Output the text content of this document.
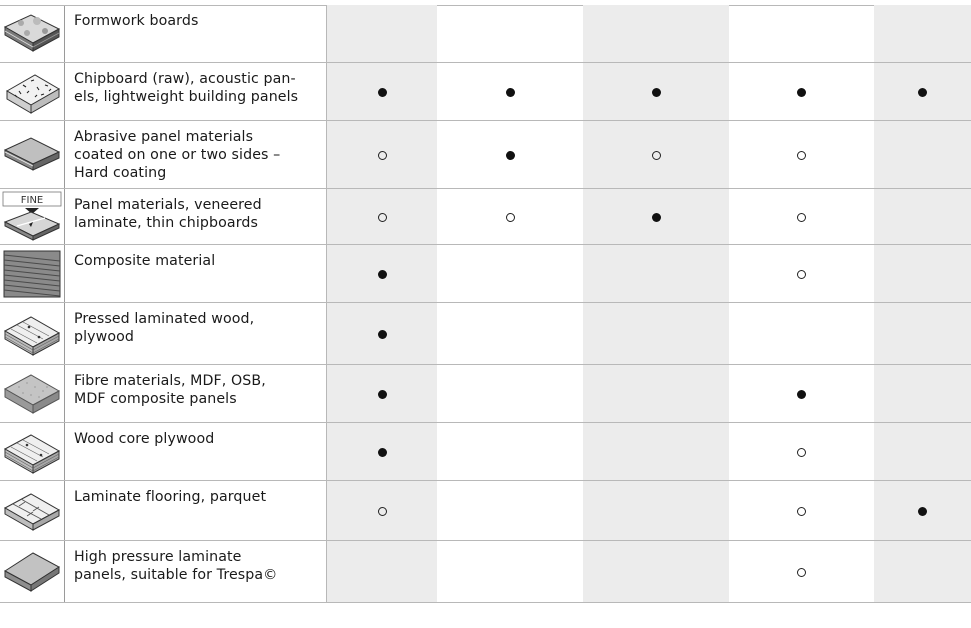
Formwork boards
Chipboard (raw), acoustic pan-
els, lightweight building panels
Abrasive panel materials
coated on one or two sides –
Hard coating
FINE	Panel materials, veneered
laminate, thin chipboards
Composite material
Pressed laminated wood,
plywood
Fibre materials, MDF, OSB,
MDF composite panels
Wood core plywood
Laminate flooring, parquet
High pressure laminate
panels, suitable for Trespa©
